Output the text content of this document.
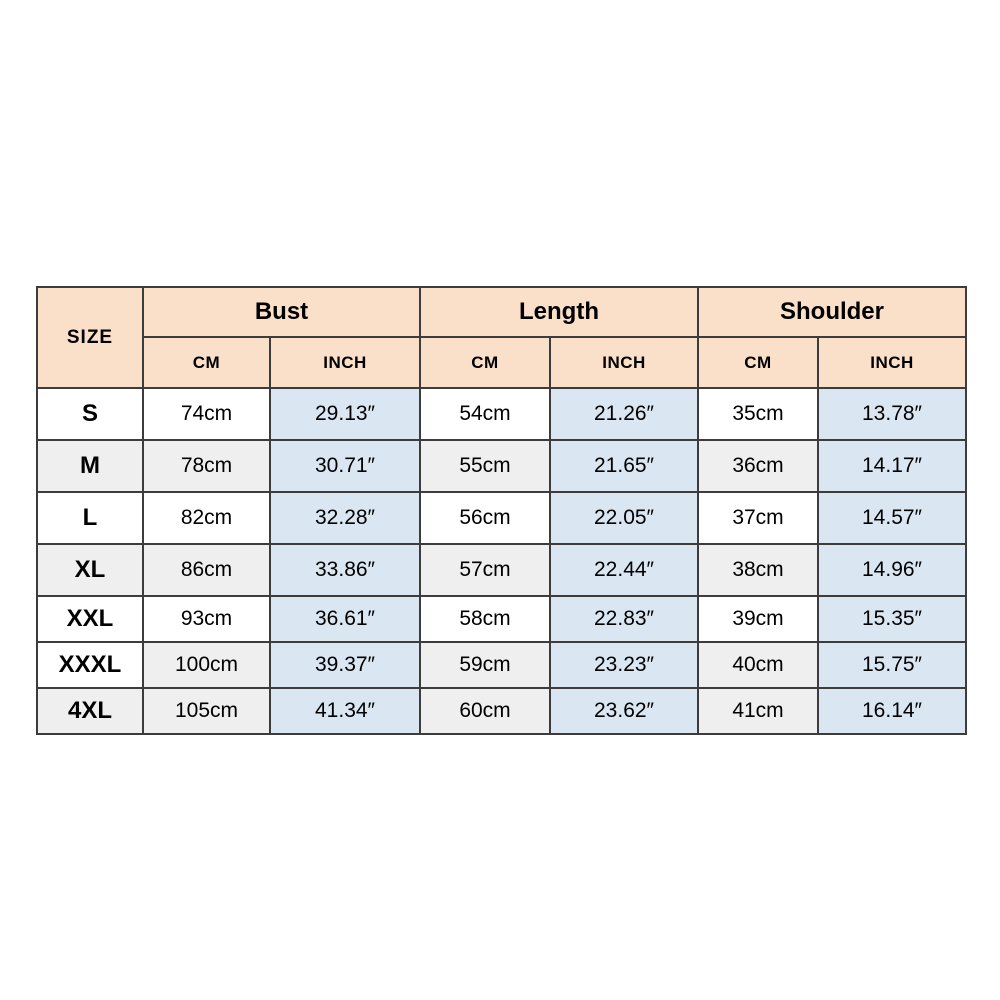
SIZE	Bust		Length		Shoulder	
	CM	INCH	CM	INCH	CM	INCH
S	74cm	29.13″	54cm	21.26″	35cm	13.78″
M	78cm	30.71″	55cm	21.65″	36cm	14.17″
L	82cm	32.28″	56cm	22.05″	37cm	14.57″
XL	86cm	33.86″	57cm	22.44″	38cm	14.96″
XXL	93cm	36.61″	58cm	22.83″	39cm	15.35″
XXXL	100cm	39.37″	59cm	23.23″	40cm	15.75″
4XL	105cm	41.34″	60cm	23.62″	41cm	16.14″
